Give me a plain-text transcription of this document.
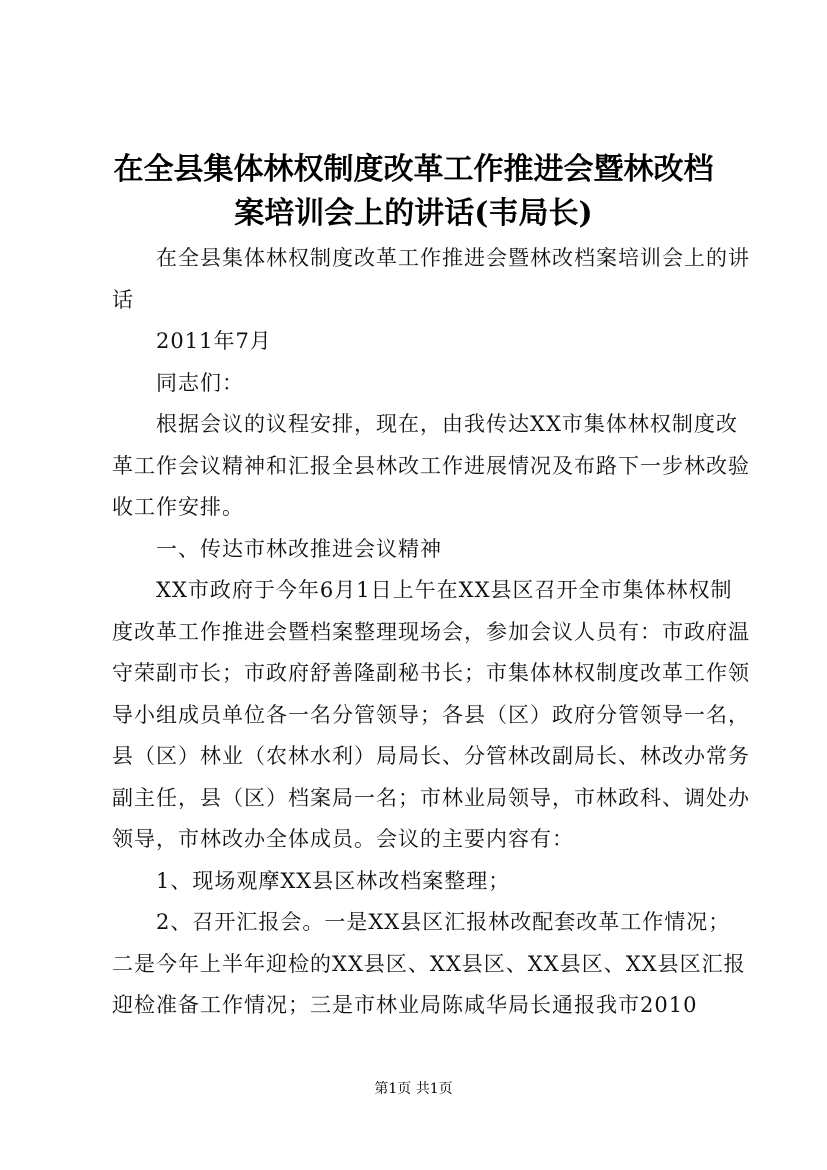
在全县集体林权制度改革工作推进会暨林改档案培训会上的讲话(韦局长)

在全县集体林权制度改革工作推进会暨林改档案培训会上的讲话

2011年7月

同志们：

根据会议的议程安排，现在，由我传达XX市集体林权制度改革工作会议精神和汇报全县林改工作进展情况及布路下一步林改验收工作安排。

一、传达市林改推进会议精神

XX市政府于今年6月1日上午在XX县区召开全市集体林权制度改革工作推进会暨档案整理现场会，参加会议人员有：市政府温守荣副市长；市政府舒善隆副秘书长；市集体林权制度改革工作领导小组成员单位各一名分管领导；各县（区）政府分管领导一名，县（区）林业（农林水利）局局长、分管林改副局长、林改办常务副主任，县（区）档案局一名；市林业局领导，市林政科、调处办领导，市林改办全体成员。会议的主要内容有：

1、现场观摩XX县区林改档案整理；

2、召开汇报会。一是XX县区汇报林改配套改革工作情况；二是今年上半年迎检的XX县区、XX县区、XX县区、XX县区汇报迎检准备工作情况；三是市林业局陈咸华局长通报我市2010

第1页 共1页
